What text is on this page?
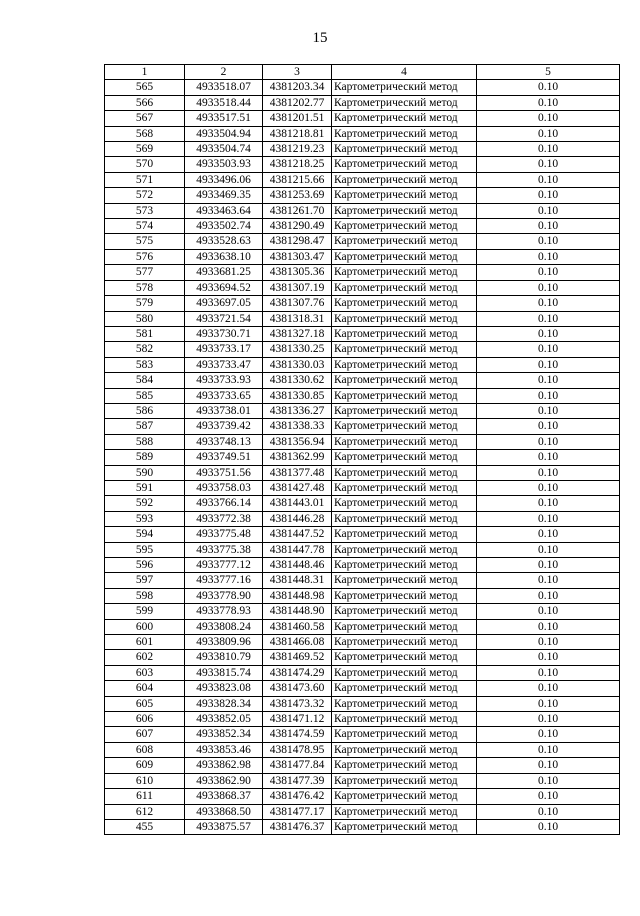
15
1	2	3	4	5
565	4933518.07	4381203.34	Картометрический метод	0.10
566	4933518.44	4381202.77	Картометрический метод	0.10
567	4933517.51	4381201.51	Картометрический метод	0.10
568	4933504.94	4381218.81	Картометрический метод	0.10
569	4933504.74	4381219.23	Картометрический метод	0.10
570	4933503.93	4381218.25	Картометрический метод	0.10
571	4933496.06	4381215.66	Картометрический метод	0.10
572	4933469.35	4381253.69	Картометрический метод	0.10
573	4933463.64	4381261.70	Картометрический метод	0.10
574	4933502.74	4381290.49	Картометрический метод	0.10
575	4933528.63	4381298.47	Картометрический метод	0.10
576	4933638.10	4381303.47	Картометрический метод	0.10
577	4933681.25	4381305.36	Картометрический метод	0.10
578	4933694.52	4381307.19	Картометрический метод	0.10
579	4933697.05	4381307.76	Картометрический метод	0.10
580	4933721.54	4381318.31	Картометрический метод	0.10
581	4933730.71	4381327.18	Картометрический метод	0.10
582	4933733.17	4381330.25	Картометрический метод	0.10
583	4933733.47	4381330.03	Картометрический метод	0.10
584	4933733.93	4381330.62	Картометрический метод	0.10
585	4933733.65	4381330.85	Картометрический метод	0.10
586	4933738.01	4381336.27	Картометрический метод	0.10
587	4933739.42	4381338.33	Картометрический метод	0.10
588	4933748.13	4381356.94	Картометрический метод	0.10
589	4933749.51	4381362.99	Картометрический метод	0.10
590	4933751.56	4381377.48	Картометрический метод	0.10
591	4933758.03	4381427.48	Картометрический метод	0.10
592	4933766.14	4381443.01	Картометрический метод	0.10
593	4933772.38	4381446.28	Картометрический метод	0.10
594	4933775.48	4381447.52	Картометрический метод	0.10
595	4933775.38	4381447.78	Картометрический метод	0.10
596	4933777.12	4381448.46	Картометрический метод	0.10
597	4933777.16	4381448.31	Картометрический метод	0.10
598	4933778.90	4381448.98	Картометрический метод	0.10
599	4933778.93	4381448.90	Картометрический метод	0.10
600	4933808.24	4381460.58	Картометрический метод	0.10
601	4933809.96	4381466.08	Картометрический метод	0.10
602	4933810.79	4381469.52	Картометрический метод	0.10
603	4933815.74	4381474.29	Картометрический метод	0.10
604	4933823.08	4381473.60	Картометрический метод	0.10
605	4933828.34	4381473.32	Картометрический метод	0.10
606	4933852.05	4381471.12	Картометрический метод	0.10
607	4933852.34	4381474.59	Картометрический метод	0.10
608	4933853.46	4381478.95	Картометрический метод	0.10
609	4933862.98	4381477.84	Картометрический метод	0.10
610	4933862.90	4381477.39	Картометрический метод	0.10
611	4933868.37	4381476.42	Картометрический метод	0.10
612	4933868.50	4381477.17	Картометрический метод	0.10
455	4933875.57	4381476.37	Картометрический метод	0.10
